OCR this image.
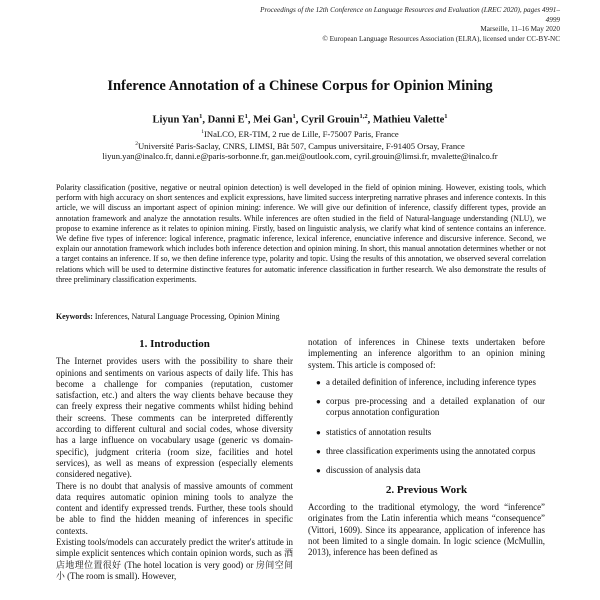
Proceedings of the 12th Conference on Language Resources and Evaluation (LREC 2020), pages 4991–4999
Marseille, 11–16 May 2020
© European Language Resources Association (ELRA), licensed under CC-BY-NC
Inference Annotation of a Chinese Corpus for Opinion Mining
Liyun Yan$^1$, Danni $E^1$, Mei Gan$^1$, Cyril Grouin$^{1,2}$, Mathieu Valette$^1$
$^1$INaLCO, ER-TIM, 2 rue de Lille, F-75007 Paris, France
$^2$Université Paris-Saclay, CNRS, LIMSI, Bât 507, Campus universitaire, F-91405 Orsay, France
liyun.yan@inalco.fr, danni.e@paris-sorbonne.fr, gan.mei@outlook.com, cyril.grouin@limsi.fr, mvalette@inalco.fr
Polarity classification (positive, negative or neutral opinion detection) is well developed in the field of opinion mining. However, existing tools, which perform with high accuracy on short sentences and explicit expressions, have limited success interpreting narrative phrases and inference contexts. In this article, we will discuss an important aspect of opinion mining: inference. We will give our definition of inference, classify different types, provide an annotation framework and analyze the annotation results. While inferences are often studied in the field of Natural-language understanding (NLU), we propose to examine inference as it relates to opinion mining. Firstly, based on linguistic analysis, we clarify what kind of sentence contains an inference. We define five types of inference: logical inference, pragmatic inference, lexical inference, enunciative inference and discursive inference. Second, we explain our annotation framework which includes both inference detection and opinion mining. In short, this manual annotation determines whether or not a target contains an inference. If so, we then define inference type, polarity and topic. Using the results of this annotation, we observed several correlation relations which will be used to determine distinctive features for automatic inference classification in further research. We also demonstrate the results of three preliminary classification experiments.
Keywords: Inferences, Natural Language Processing, Opinion Mining
1. Introduction

The Internet provides users with the possibility to share their opinions and sentiments on various aspects of daily life. This has become a challenge for companies (reputation, customer satisfaction, etc.) and alters the way clients behave because they can freely express their negative comments whilst hiding behind their screens. These comments can be interpreted differently according to different cultural and social codes, whose diversity has a large influence on vocabulary usage (generic vs domain-specific), judgment criteria (room size, facilities and hotel services), as well as means of expression (especially elements considered negative).

There is no doubt that analysis of massive amounts of comment data requires automatic opinion mining tools to analyze the content and identify expressed trends. Further, these tools should be able to find the hidden meaning of inferences in specific contexts.

Existing tools/models can accurately predict the writer's attitude in simple explicit sentences which contain opinion words, such as 酒店地理位置很好 (The hotel location is very good) or 房间空间小 (The room is small). However,

notation of inferences in Chinese texts undertaken before implementing an inference algorithm to an opinion mining system. This article is composed of:

● a detailed definition of inference, including inference types
● corpus pre-processing and a detailed explanation of our corpus annotation configuration
● statistics of annotation results
● three classification experiments using the annotated corpus
● discussion of analysis data
2. Previous Work

According to the traditional etymology, the word “inference” originates from the Latin inferentia which means “consequence” (Vittori, 1609). Since its appearance, application of inference has not been limited to a single domain. In logic science (McMullin, 2013), inference has been defined as
